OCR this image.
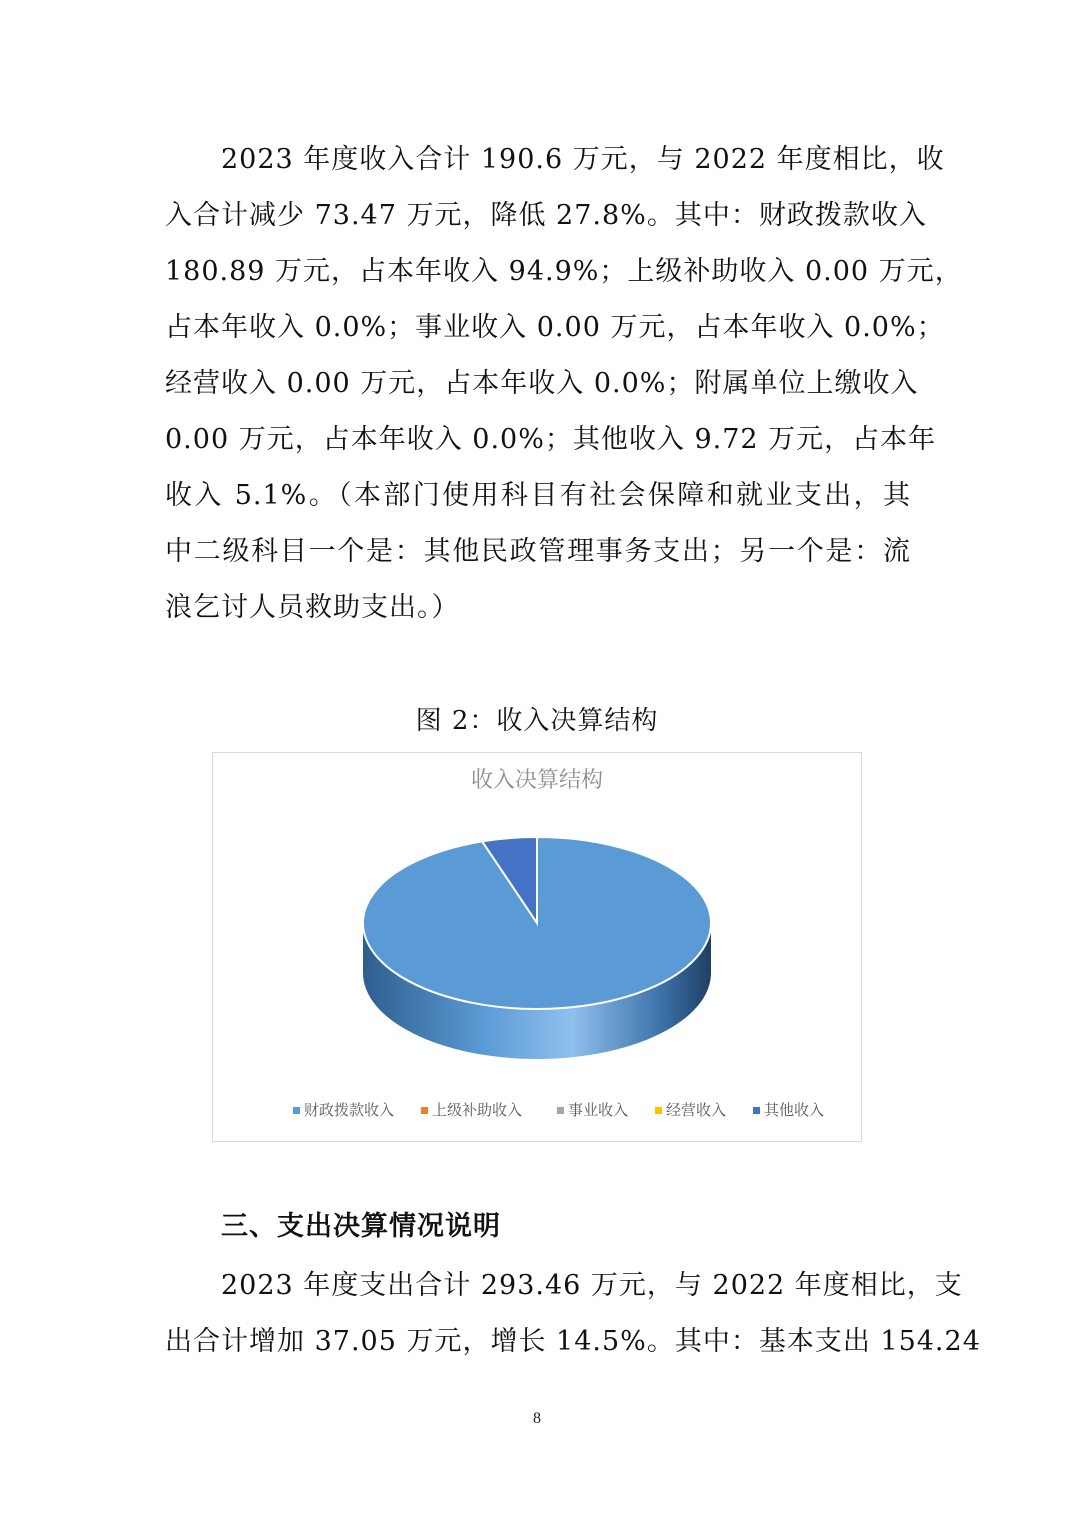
2023 年度收入合计 190.6 万元，与 2022 年度相比，收
入合计减少 73.47 万元，降低 27.8%。其中：财政拨款收入
180.89 万元，占本年收入 94.9%；上级补助收入 0.00 万元，
占本年收入 0.0%；事业收入 0.00 万元，占本年收入 0.0%；
经营收入 0.00 万元，占本年收入 0.0%；附属单位上缴收入
0.00 万元，占本年收入 0.0%；其他收入 9.72 万元，占本年
收入 5.1%。（本部门使用科目有社会保障和就业支出，其
中二级科目一个是：其他民政管理事务支出；另一个是：流
浪乞讨人员救助支出。）
图 2：收入决算结构
收入决算结构
财政拨款收入	上级补助收入	事业收入	经营收入	其他收入
三、支出决算情况说明
2023 年度支出合计 293.46 万元，与 2022 年度相比，支
出合计增加 37.05 万元，增长 14.5%。其中：基本支出 154.24
8
